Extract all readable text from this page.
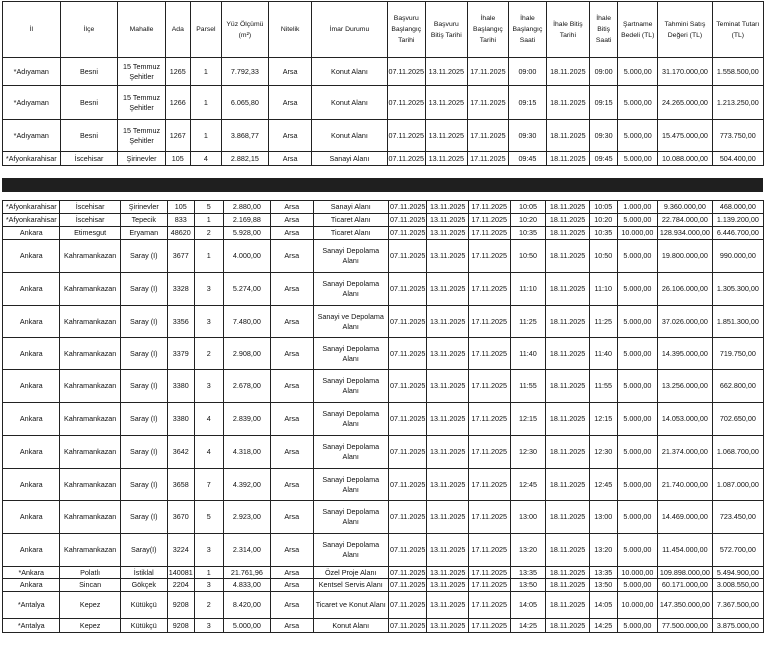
İl	İlçe	Mahalle	Ada	Parsel	Yüz Ölçümü (m²)	Nitelik	İmar Durumu	Başvuru Başlangıç Tarihi	Başvuru Bitiş Tarihi	İhale Başlangıç Tarihi	İhale Başlangıç Saati	İhale Bitiş Tarihi	İhale Bitiş Saati	Şartname Bedeli (TL)	Tahmini Satış Değeri (TL)	Teminat Tutarı (TL)
*Adıyaman	Besni	15 Temmuz Şehitler	1265	1	7.792,33	Arsa	Konut Alanı	07.11.2025	13.11.2025	17.11.2025	09:00	18.11.2025	09:00	5.000,00	31.170.000,00	1.558.500,00
*Adıyaman	Besni	15 Temmuz Şehitler	1266	1	6.065,80	Arsa	Konut Alanı	07.11.2025	13.11.2025	17.11.2025	09:15	18.11.2025	09:15	5.000,00	24.265.000,00	1.213.250,00
*Adıyaman	Besni	15 Temmuz Şehitler	1267	1	3.868,77	Arsa	Konut Alanı	07.11.2025	13.11.2025	17.11.2025	09:30	18.11.2025	09:30	5.000,00	15.475.000,00	773.750,00
*Afyonkarahisar	İscehisar	Şirinevler	105	4	2.882,15	Arsa	Sanayi Alanı	07.11.2025	13.11.2025	17.11.2025	09:45	18.11.2025	09:45	5.000,00	10.088.000,00	504.400,00
*Afyonkarahisar	İscehisar	Şirinevler	105	5	2.880,00	Arsa	Sanayi Alanı	07.11.2025	13.11.2025	17.11.2025	10:05	18.11.2025	10:05	1.000,00	9.360.000,00	468.000,00
*Afyonkarahisar	İscehisar	Tepecik	833	1	2.169,88	Arsa	Ticaret Alanı	07.11.2025	13.11.2025	17.11.2025	10:20	18.11.2025	10:20	5.000,00	22.784.000,00	1.139.200,00
Ankara	Etimesgut	Eryaman	48620	2	5.928,00	Arsa	Ticaret Alanı	07.11.2025	13.11.2025	17.11.2025	10:35	18.11.2025	10:35	10.000,00	128.934.000,00	6.446.700,00
Ankara	Kahramankazan	Saray (I)	3677	1	4.000,00	Arsa	Sanayi Depolama Alanı	07.11.2025	13.11.2025	17.11.2025	10:50	18.11.2025	10:50	5.000,00	19.800.000,00	990.000,00
Ankara	Kahramankazan	Saray (I)	3328	3	5.274,00	Arsa	Sanayi Depolama Alanı	07.11.2025	13.11.2025	17.11.2025	11:10	18.11.2025	11:10	5.000,00	26.106.000,00	1.305.300,00
Ankara	Kahramankazan	Saray (I)	3356	3	7.480,00	Arsa	Sanayi ve Depolama Alanı	07.11.2025	13.11.2025	17.11.2025	11:25	18.11.2025	11:25	5.000,00	37.026.000,00	1.851.300,00
Ankara	Kahramankazan	Saray (I)	3379	2	2.908,00	Arsa	Sanayi Depolama Alanı	07.11.2025	13.11.2025	17.11.2025	11:40	18.11.2025	11:40	5.000,00	14.395.000,00	719.750,00
Ankara	Kahramankazan	Saray (I)	3380	3	2.678,00	Arsa	Sanayi Depolama Alanı	07.11.2025	13.11.2025	17.11.2025	11:55	18.11.2025	11:55	5.000,00	13.256.000,00	662.800,00
Ankara	Kahramankazan	Saray (I)	3380	4	2.839,00	Arsa	Sanayi Depolama Alanı	07.11.2025	13.11.2025	17.11.2025	12:15	18.11.2025	12:15	5.000,00	14.053.000,00	702.650,00
Ankara	Kahramankazan	Saray (I)	3642	4	4.318,00	Arsa	Sanayi Depolama Alanı	07.11.2025	13.11.2025	17.11.2025	12:30	18.11.2025	12:30	5.000,00	21.374.000,00	1.068.700,00
Ankara	Kahramankazan	Saray (I)	3658	7	4.392,00	Arsa	Sanayi Depolama Alanı	07.11.2025	13.11.2025	17.11.2025	12:45	18.11.2025	12:45	5.000,00	21.740.000,00	1.087.000,00
Ankara	Kahramankazan	Saray (I)	3670	5	2.923,00	Arsa	Sanayi Depolama Alanı	07.11.2025	13.11.2025	17.11.2025	13:00	18.11.2025	13:00	5.000,00	14.469.000,00	723.450,00
Ankara	Kahramankazan	Saray(I)	3224	3	2.314,00	Arsa	Sanayi Depolama Alanı	07.11.2025	13.11.2025	17.11.2025	13:20	18.11.2025	13:20	5.000,00	11.454.000,00	572.700,00
*Ankara	Polatlı	İstiklal	140081	1	21.761,96	Arsa	Özel Proje Alanı	07.11.2025	13.11.2025	17.11.2025	13:35	18.11.2025	13:35	10.000,00	109.898.000,00	5.494.900,00
Ankara	Sincan	Gökçek	2204	3	4.833,00	Arsa	Kentsel Servis Alanı	07.11.2025	13.11.2025	17.11.2025	13:50	18.11.2025	13:50	5.000,00	60.171.000,00	3.008.550,00
*Antalya	Kepez	Kütükçü	9208	2	8.420,00	Arsa	Ticaret ve Konut Alanı	07.11.2025	13.11.2025	17.11.2025	14:05	18.11.2025	14:05	10.000,00	147.350.000,00	7.367.500,00
*Antalya	Kepez	Kütükçü	9208	3	5.000,00	Arsa	Konut Alanı	07.11.2025	13.11.2025	17.11.2025	14:25	18.11.2025	14:25	5.000,00	77.500.000,00	3.875.000,00
